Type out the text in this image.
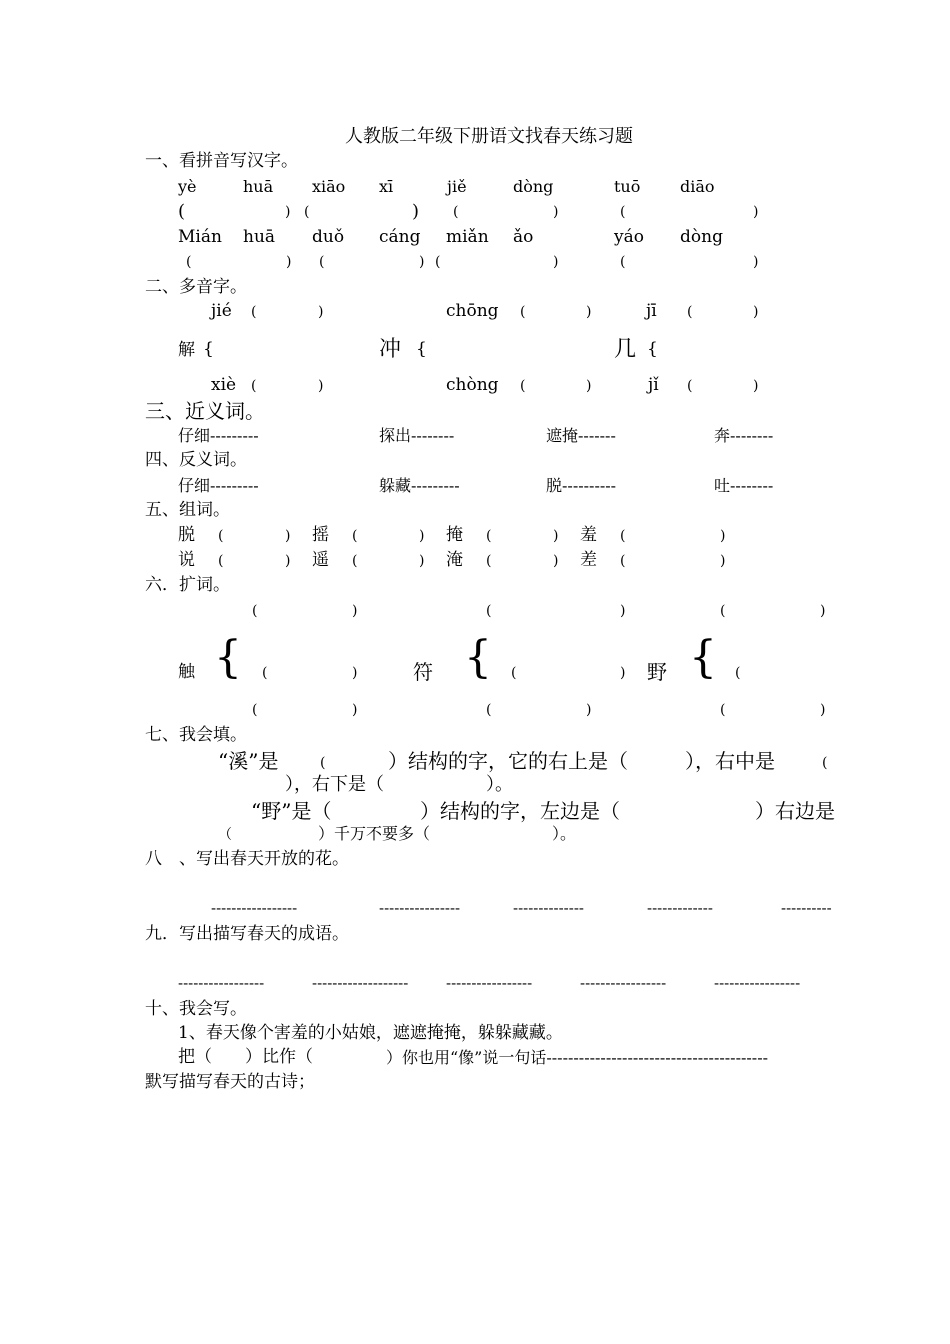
人教版二年级下册语文找春天练习题
一、看拼音写汉字。
yè	huā xiāo xī	jiě	dòng	tuō diāo
(	) (	) (	)	(	)
Mián huā duǒ cáng miǎn ǎo	yáo dòng
(	) (	) (	)	(	)
二、多音字。
jié (	)	chōng (	)	jī (	)
解 {	冲 {	几 {
xiè (	)	chòng (	)	jǐ (	)
三、近义词。
仔细---------	探出--------	遮掩-------	奔--------
四、反义词。
仔细---------	躲藏---------	脱----------	吐--------
五、组词。
脱 (	) 摇 (	) 掩 (	) 羞 (	)
说 (	) 遥 (	) 淹 (	) 差 (	)
六．扩词。
(	)	(	)	(	)
触 { (	)	符 { (	) 野 { (
(	)	(	)	(	)
七、我会填。
“溪”是	(	）结构的字，它的右上是（	），右中是	(
），右下是（	）。
“野”是（	）结构的字，左边是（	）右边是
（	）千万不要多（	）。
八　、写出春天开放的花。
-----------------	----------------	--------------	-------------	----------
九．写出描写春天的成语。
-----------------	-------------------	-----------------	-----------------	-----------------
十、我会写。
1、春天像个害羞的小姑娘，遮遮掩掩，躲躲藏藏。
把（ ）比作（	）你也用“像”说一句话-----------------------------------------
默写描写春天的古诗；
